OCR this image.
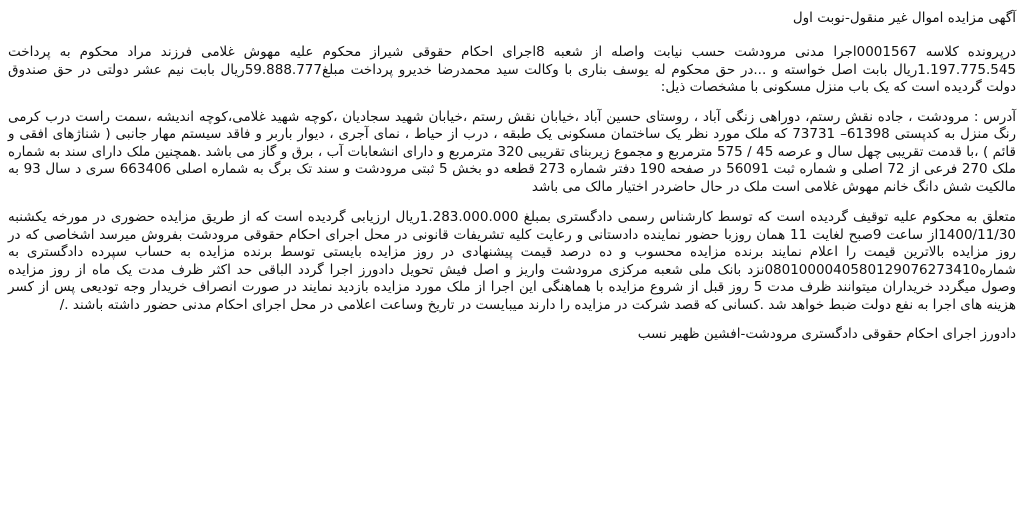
آگهی مزایده اموال غیر منقول-نوبت اول

درپرونده کلاسه 0001567اجرا مدنی مرودشت حسب نیابت واصله از شعبه 8اجرای احکام حقوقی شیراز محکوم علیه مهوش غلامی فرزند مراد محکوم به پرداخت 1.197.775.545ریال بابت اصل خواسته و ...در حق محکوم له یوسف بناری با وکالت سید محمدرضا خدیرو پرداخت مبلغ59.888.777ریال بابت نیم عشر دولتی در حق صندوق دولت گردیده است که یک باب منزل مسکونی با مشخصات ذیل:

آدرس : مرودشت ، جاده نقش رستم، دوراهی زنگی آباد ، روستای حسین آباد ،خیابان نقش رستم ،خیابان شهید سجادیان ،کوچه شهید غلامی،کوچه اندیشه ،سمت راست درب کرمی رنگ منزل به کدپستی 61398– 73731 که ملک مورد نظر یک ساختمان مسکونی یک طبقه ، درب از حیاط ، نمای آجری ، دیوار باربر و فاقد سیستم مهار جانبی ( شناژهای افقی و قائم ) ،با قدمت تقریبی چهل سال و عرصه 45 / 575 مترمربع و مجموع زیربنای تقریبی 320 مترمربع و دارای انشعابات آب ، برق و گاز می باشد .همچنین ملک دارای سند به شماره ملک 270 فرعی از 72 اصلی و شماره ثبت 56091 در صفحه 190 دفتر شماره 273 قطعه دو بخش 5 ثبتی مرودشت و سند تک برگ به شماره اصلی 663406 سری د سال 93 به مالکیت شش دانگ خانم مهوش غلامی است ملک در حال حاضردر اختیار مالک می باشد

متعلق به محکوم علیه توقیف گردیده است که توسط کارشناس رسمی دادگستری بمبلغ 1.283.000.000ریال ارزیابی گردیده است که از طریق مزایده حضوری در مورخه یکشنبه 1400/11/30از ساعت 9صبح لغایت 11 همان روزبا حضور نماینده دادستانی و رعایت کلیه تشریفات قانونی در محل اجرای احکام حقوقی مرودشت بفروش میرسد اشخاصی که در روز مزایده بالاترین قیمت را اعلام نمایند برنده مزایده محسوب و ده درصد قیمت پیشنهادی در روز مزایده بایستی توسط برنده مزایده به حساب سپرده دادگستری به شماره0801000040580129076273410نزد بانک ملی شعبه مرکزی مرودشت واریز و اصل فیش تحویل دادورز اجرا گردد الباقی حد اکثر ظرف مدت یک ماه از روز مزایده وصول میگردد خریداران میتوانند ظرف مدت 5 روز قبل از شروع مزایده با هماهنگی این اجرا از ملک مورد مزایده بازدید نمایند در صورت انصراف خریدار وجه تودیعی پس از کسر هزینه های اجرا به نفع دولت ضبط خواهد شد .کسانی که قصد شرکت در مزایده را دارند میبایست در تاریخ وساعت اعلامی در محل اجرای احکام مدنی حضور داشته باشند ./

دادورز اجرای احکام حقوقی دادگستری مرودشت-افشین ظهیر نسب
